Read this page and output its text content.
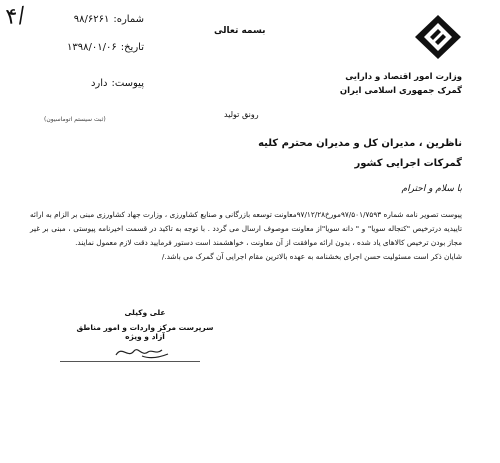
۴/
بسمه تعالی
شماره:۹۸/۶۲۶۱
تاریخ:۱۳۹۸/۰۱/۰۶
پیوست:دارد
(ثبت سیستم اتوماسیون)
وزارت امور اقتصاد و دارایی
گمرک جمهوری اسلامی ایران
رونق تولید
ناظرین ، مدیران کل و مدیران محترم کلیه
گمرکات اجرایی کشور
با سلام و احترام

پیوست تصویر نامه شماره ۹۷/۵۰۱/۷۵۹۳مورخ۹۷/۱۲/۲۸معاونت توسعه بازرگانی و صنایع کشاورزی ، وزارت جهاد کشاورزی مبنی بر الزام به ارائه تاییدیه درترخیص "کنجاله سویا" و " دانه سویا"از معاونت موصوف ارسال می گردد . با توجه به تاکید در قسمت اخیرنامه پیوستی ، مبنی بر غیر مجاز بودن ترخیص کالاهای یاد شده ، بدون ارائه موافقت از آن معاونت ، خواهشمند است دستور فرمایید دقت لازم معمول نمایند.

شایان ذکر است مسئولیت حسن اجرای بخشنامه به عهده بالاترین مقام اجرایی آن گمرک می باشد./

علی وکیلی
سرپرست مرکز واردات و امور مناطق آزاد و ویژه
